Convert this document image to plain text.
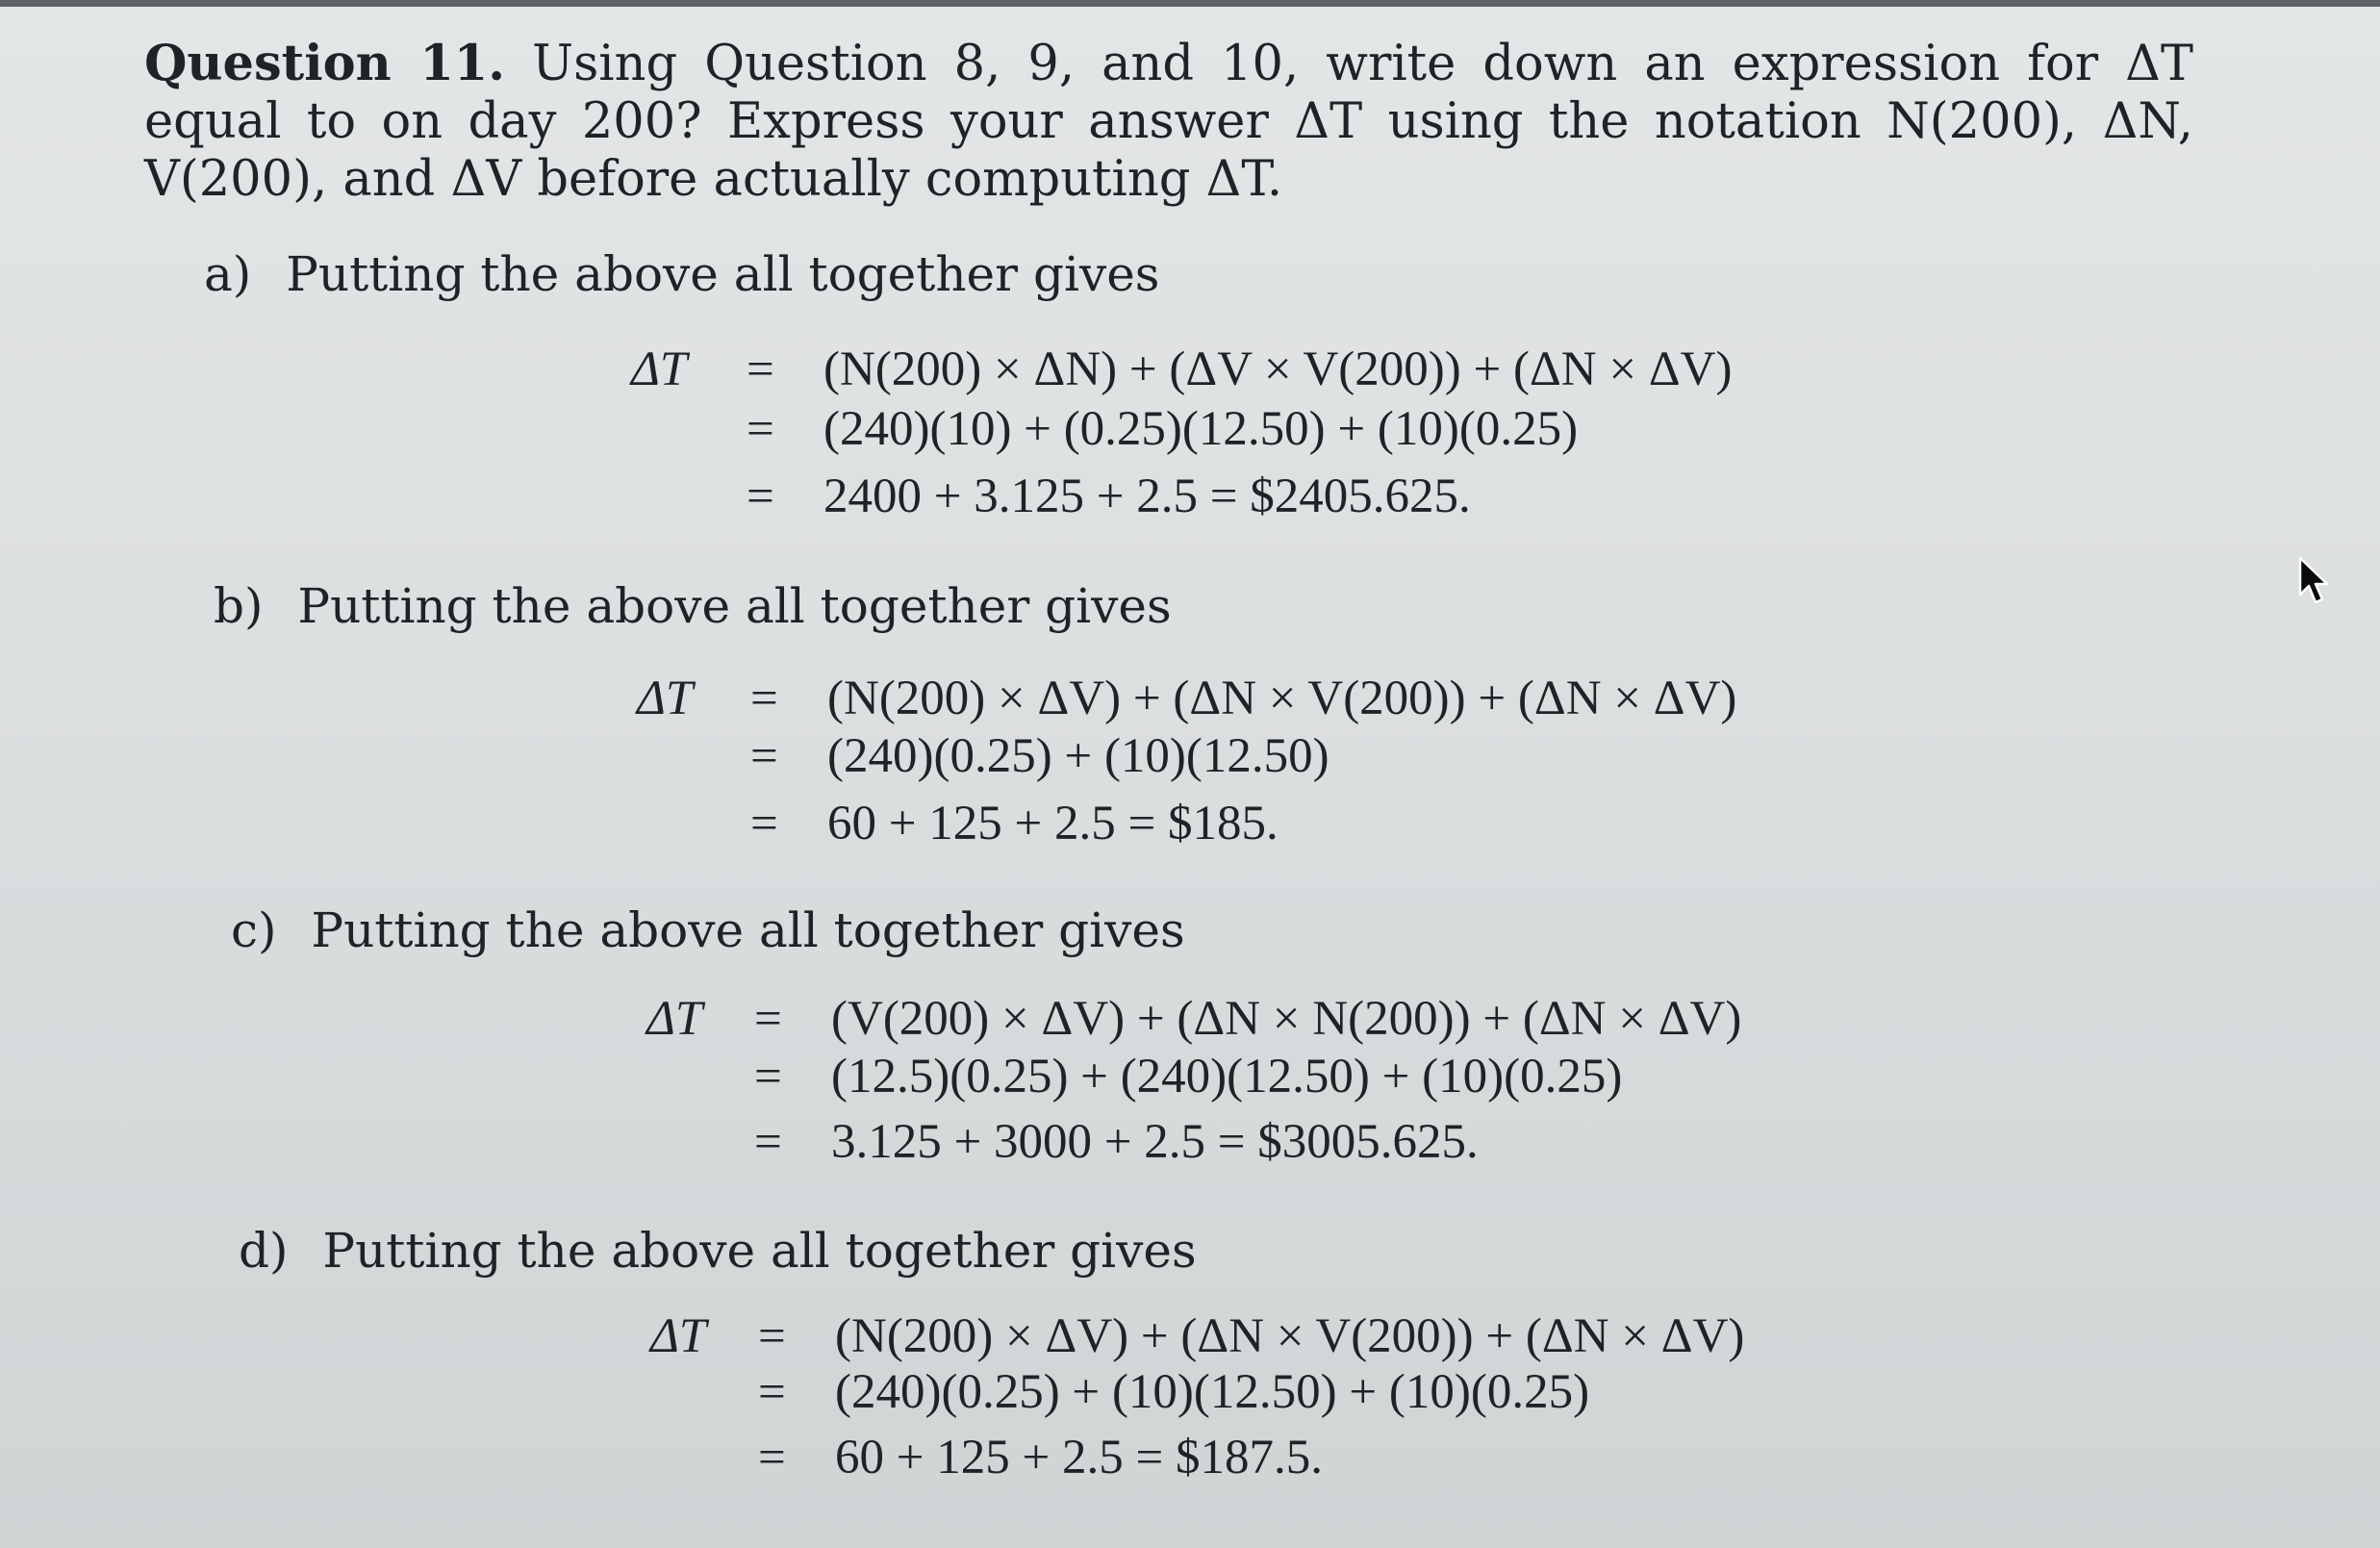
Question 11. Using Question 8, 9, and 10, write down an expression for ΔT equal to on day 200? Express your answer ΔT using the notation N(200), ΔN, V(200), and ΔV before actually computing ΔT.
a) Putting the above all together gives
ΔT = (N(200) × ΔN) + (ΔV × V(200)) + (ΔN × ΔV)
= (240)(10) + (0.25)(12.50) + (10)(0.25)
= 2400 + 3.125 + 2.5 = $2405.625.
b) Putting the above all together gives
ΔT = (N(200) × ΔV) + (ΔN × V(200)) + (ΔN × ΔV)
= (240)(0.25) + (10)(12.50)
= 60 + 125 + 2.5 = $185.
c) Putting the above all together gives
ΔT = (V(200) × ΔV) + (ΔN × N(200)) + (ΔN × ΔV)
= (12.5)(0.25) + (240)(12.50) + (10)(0.25)
= 3.125 + 3000 + 2.5 = $3005.625.
d) Putting the above all together gives
ΔT = (N(200) × ΔV) + (ΔN × V(200)) + (ΔN × ΔV)
= (240)(0.25) + (10)(12.50) + (10)(0.25)
= 60 + 125 + 2.5 = $187.5.
